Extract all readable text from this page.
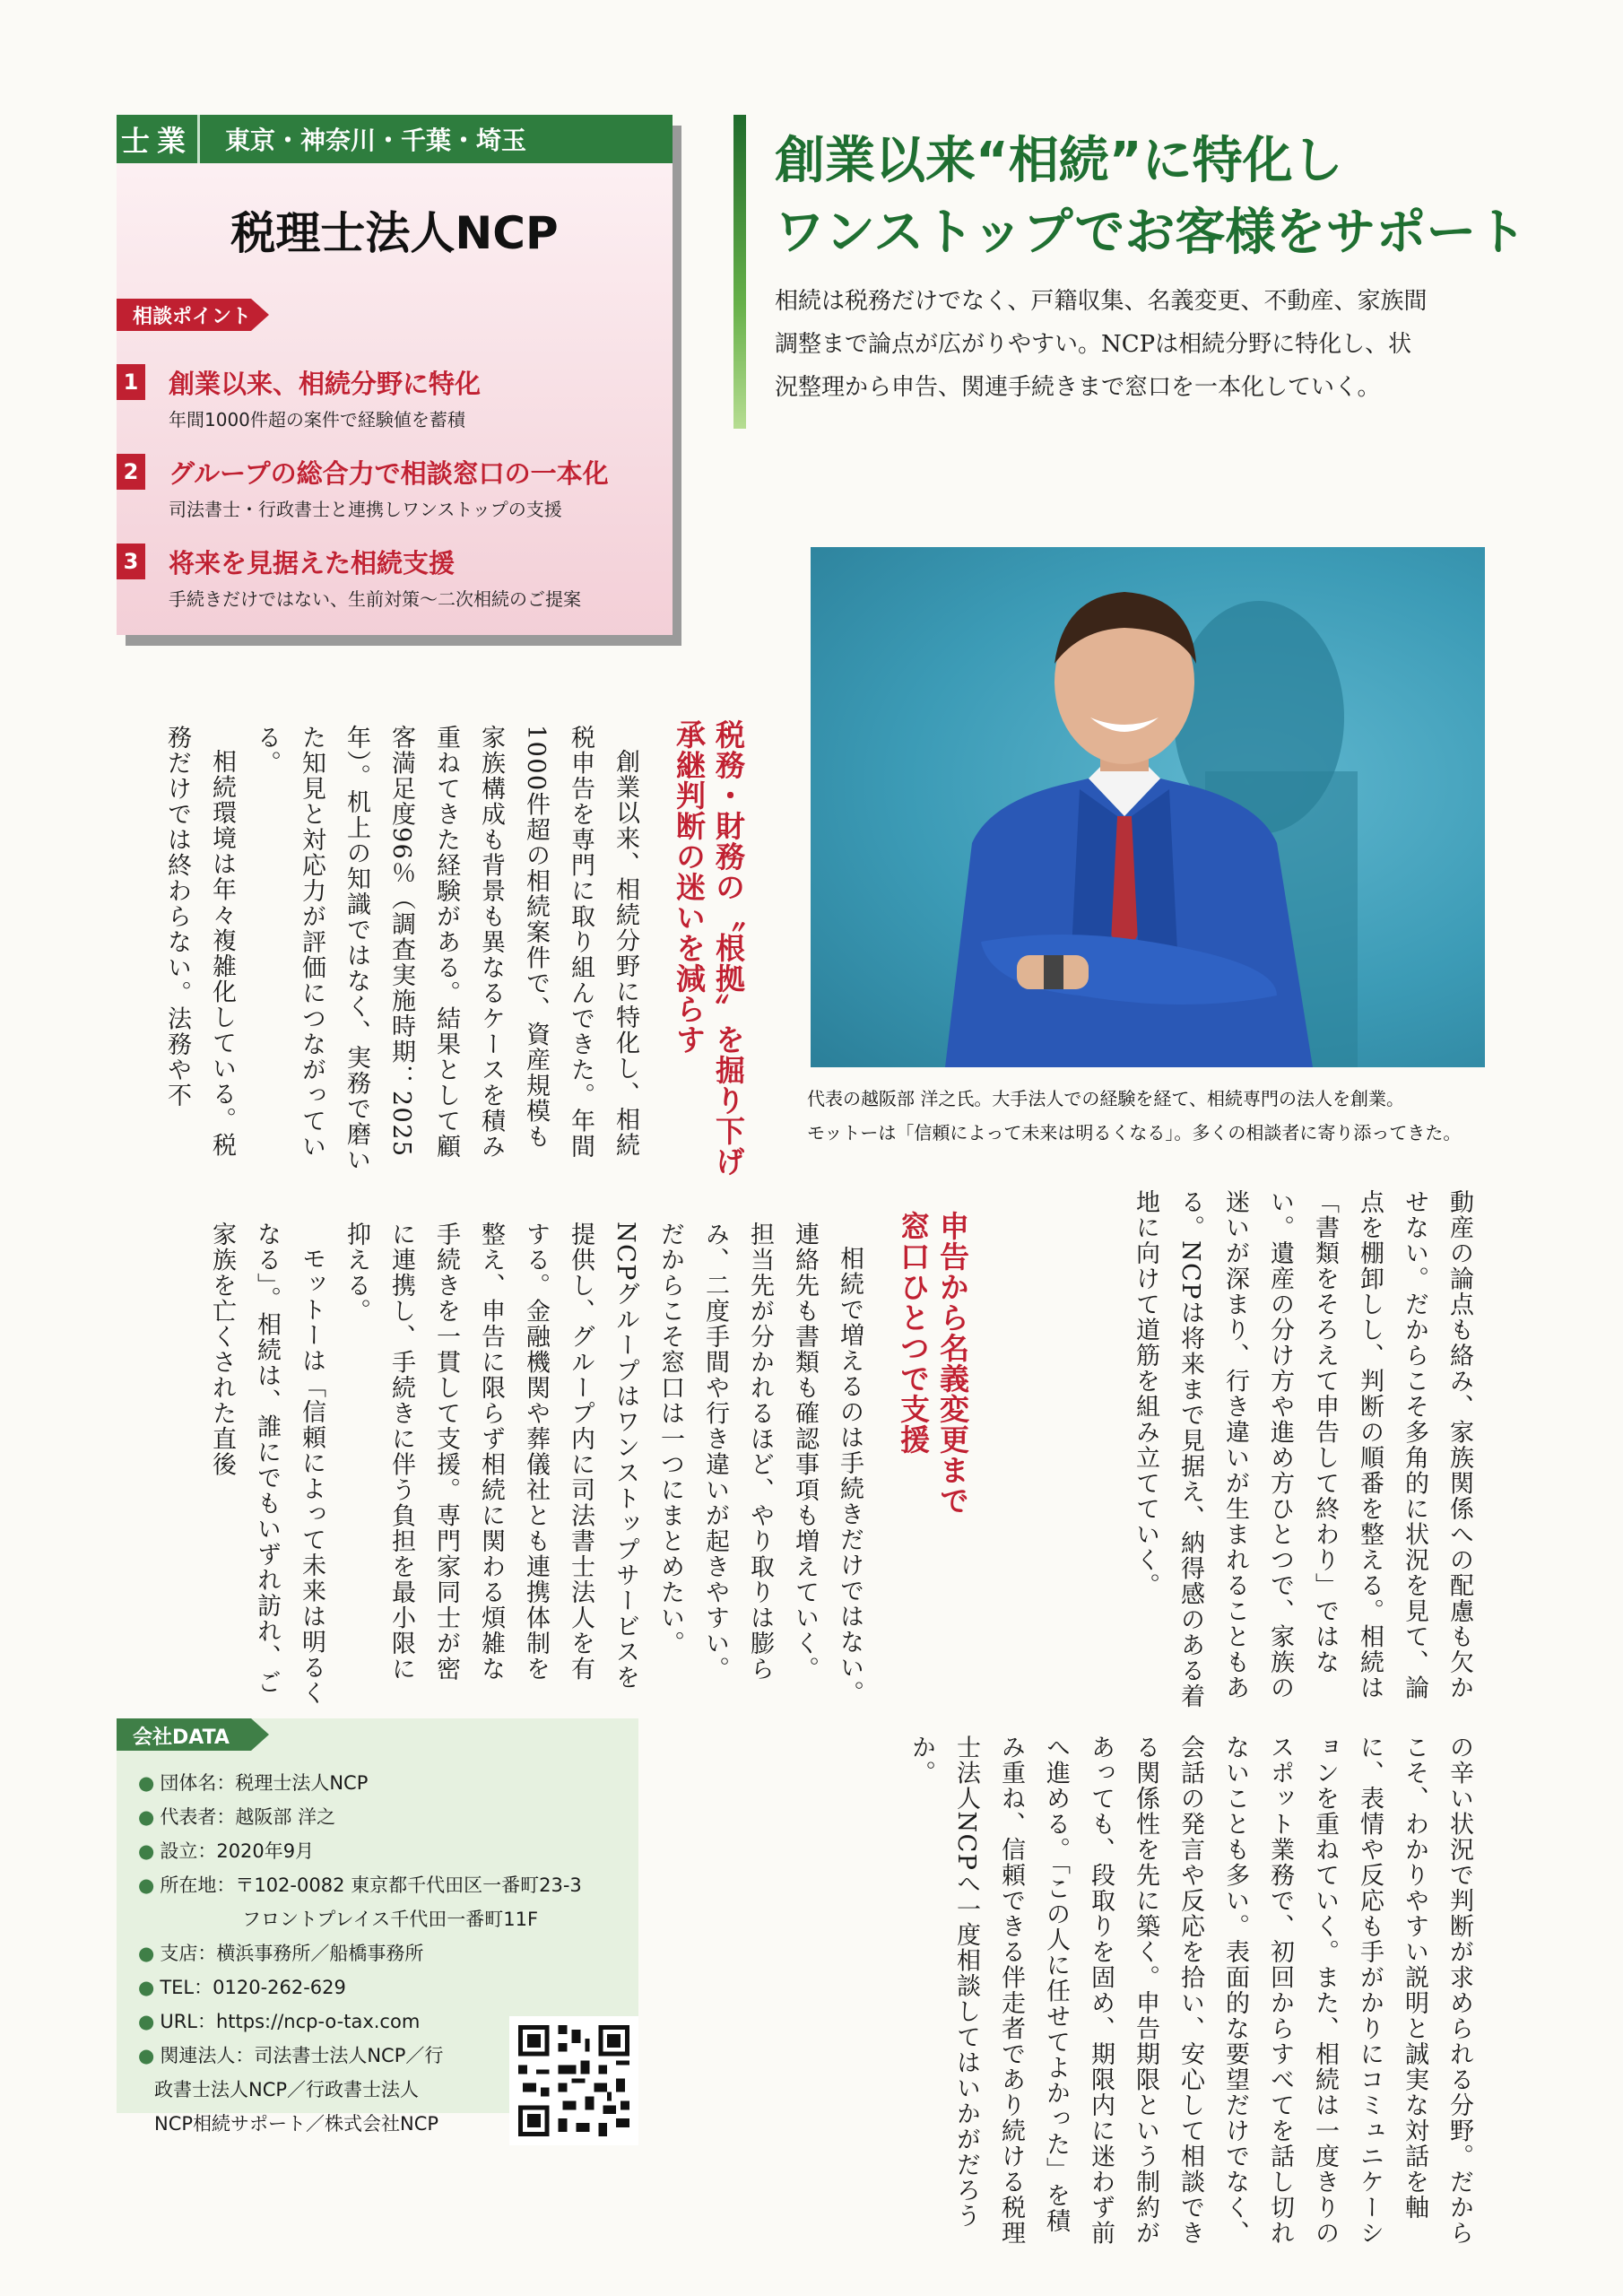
士業	東京・神奈川・千葉・埼玉
税理士法人NCP
相談ポイント
1 創業以来、相続分野に特化
年間1000件超の案件で経験値を蓄積
2 グループの総合力で相談窓口の一本化
司法書士・行政書士と連携しワンストップの支援
3 将来を見据えた相続支援
手続きだけではない、生前対策～二次相続のご提案
創業以来“相続”に特化し
ワンストップでお客様をサポート
相続は税務だけでなく、戸籍収集、名義変更、不動産、家族間
調整まで論点が広がりやすい。NCPは相続分野に特化し、状
況整理から申告、関連手続きまで窓口を一本化していく。
代表の越阪部 洋之氏。大手法人での経験を経て、相続専門の法人を創業。
モットーは「信頼によって未来は明るくなる」。多くの相談者に寄り添ってきた。
税務・財務の〝根拠〟を掘り下げ
承継判断の迷いを減らす
申告から名義変更まで
窓口ひとつで支援

創業以来、相続分野に特化し、相続税申告を専門に取り組んできた。年間1000件超の相続案件で、資産規模も家族構成も背景も異なるケースを積み重ねてきた経験がある。結果として顧客満足度96％（調査実施時期：2025年）。机上の知識ではなく、実務で磨いた知見と対応力が評価につながっている。

相続環境は年々複雑化している。税務だけでは終わらない。法務や不

動産の論点も絡み、家族関係への配慮も欠かせない。だからこそ多角的に状況を見て、論点を棚卸しし、判断の順番を整える。相続は「書類をそろえて申告して終わり」ではない。遺産の分け方や進め方ひとつで、家族の迷いが深まり、行き違いが生まれることもある。NCPは将来まで見据え、納得感のある着地に向けて道筋を組み立てていく。

相続で増えるのは手続きだけではない。連絡先も書類も確認事項も増えていく。担当先が分かれるほど、やり取りは膨らみ、二度手間や行き違いが起きやすい。だからこそ窓口は一つにまとめたい。NCPグループはワンストップサービスを提供し、グループ内に司法書士法人を有する。金融機関や葬儀社とも連携体制を整え、申告に限らず相続に関わる煩雑な手続きを一貫して支援。専門家同士が密に連携し、手続きに伴う負担を最小限に抑える。

モットーは「信頼によって未来は明るくなる」。相続は、誰にでもいずれ訪れ、ご家族を亡くされた直後

の辛い状況で判断が求められる分野。だからこそ、わかりやすい説明と誠実な対話を軸に、表情や反応も手がかりにコミュニケーションを重ねていく。また、相続は一度きりのスポット業務で、初回からすべてを話し切れないことも多い。表面的な要望だけでなく、会話の発言や反応を拾い、安心して相談できる関係性を先に築く。申告期限という制約があっても、段取りを固め、期限内に迷わず前へ進める。「この人に任せてよかった」を積み重ね、信頼できる伴走者であり続ける税理士法人NCPへ一度相談してはいかがだろうか。

会社DATA
● 団体名：税理士法人NCP
● 代表者：越阪部 洋之
● 設立：2020年9月
● 所在地：〒102-0082 東京都千代田区一番町23-3
フロントプレイス千代田一番町11F
● 支店：横浜事務所／船橋事務所
● TEL：0120-262-629
● URL：https://ncp-o-tax.com
● 関連法人：司法書士法人NCP／行
政書士法人NCP／行政書士法人
NCP相続サポート／株式会社NCP
